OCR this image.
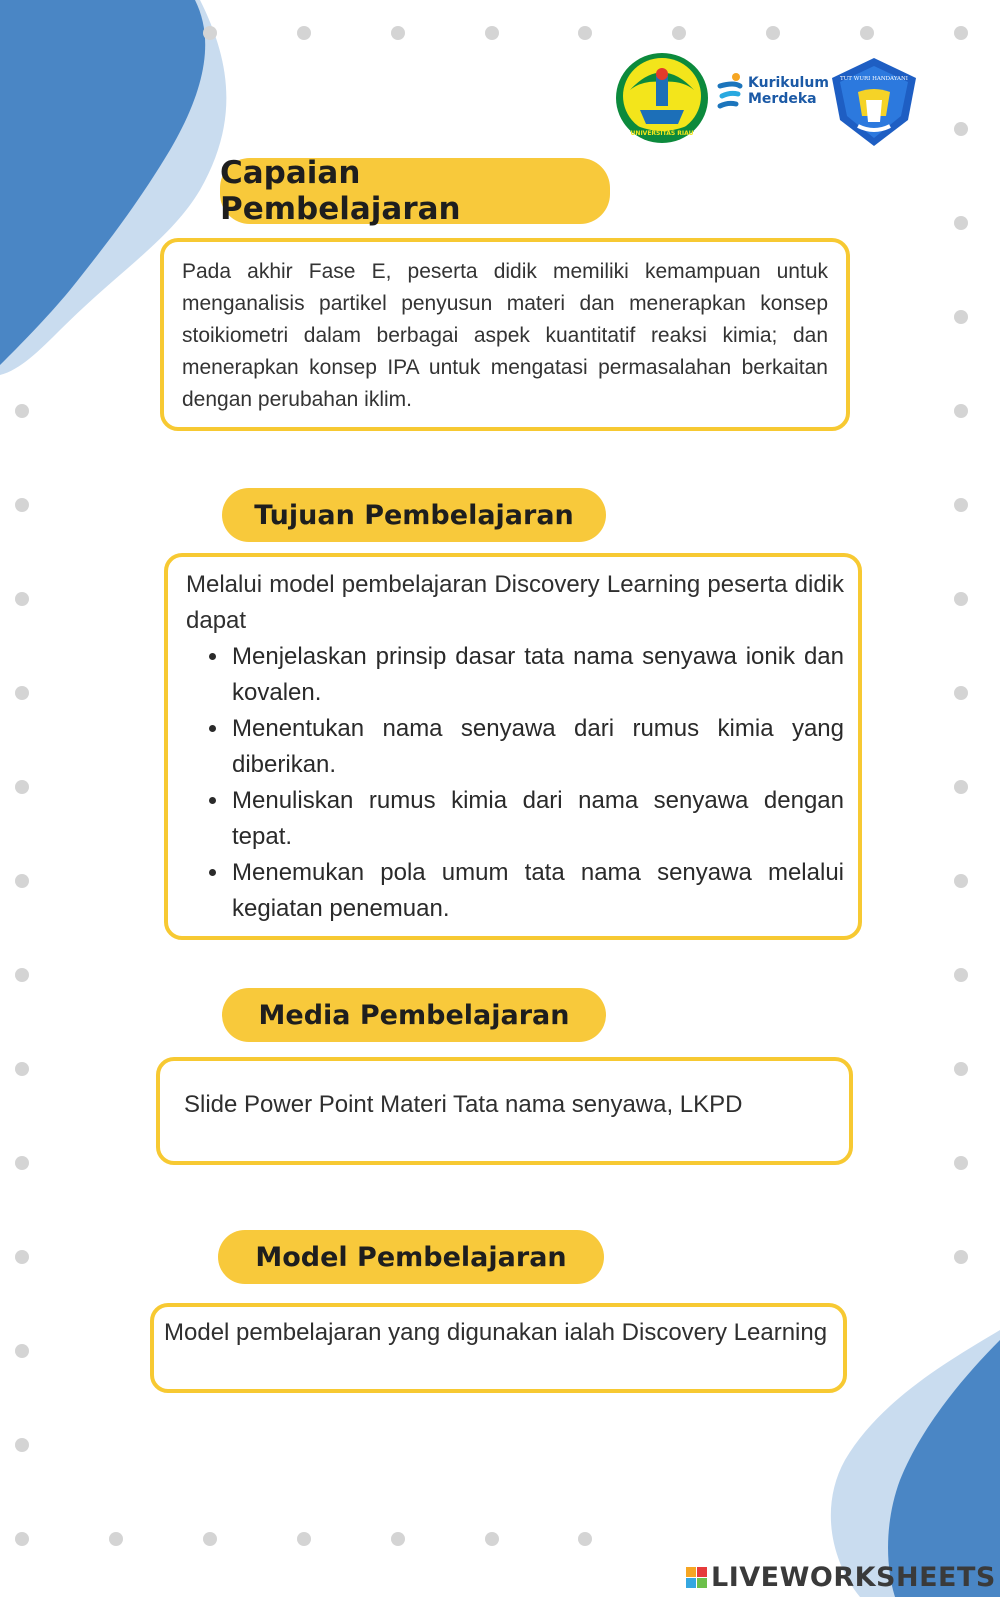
UNIVERSITAS RIAU
Kurikulum
Merdeka
TUT WURI HANDAYANI
Capaian Pembelajaran

Pada akhir Fase E, peserta didik memiliki kemampuan untuk menganalisis partikel penyusun materi dan menerapkan konsep stoikiometri dalam berbagai aspek kuantitatif reaksi kimia; dan menerapkan konsep IPA untuk mengatasi permasalahan berkaitan dengan perubahan iklim.

Tujuan Pembelajaran

Melalui model pembelajaran Discovery Learning peserta didik dapat

• Menjelaskan prinsip dasar tata nama senyawa ionik dan kovalen.
• Menentukan nama senyawa dari rumus kimia yang diberikan.
• Menuliskan rumus kimia dari nama senyawa dengan tepat.
• Menemukan pola umum tata nama senyawa melalui kegiatan penemuan.
Media Pembelajaran

Slide Power Point Materi Tata nama senyawa, LKPD

Model Pembelajaran

Model pembelajaran yang digunakan ialah Discovery Learning

LIVEWORKSHEETS
